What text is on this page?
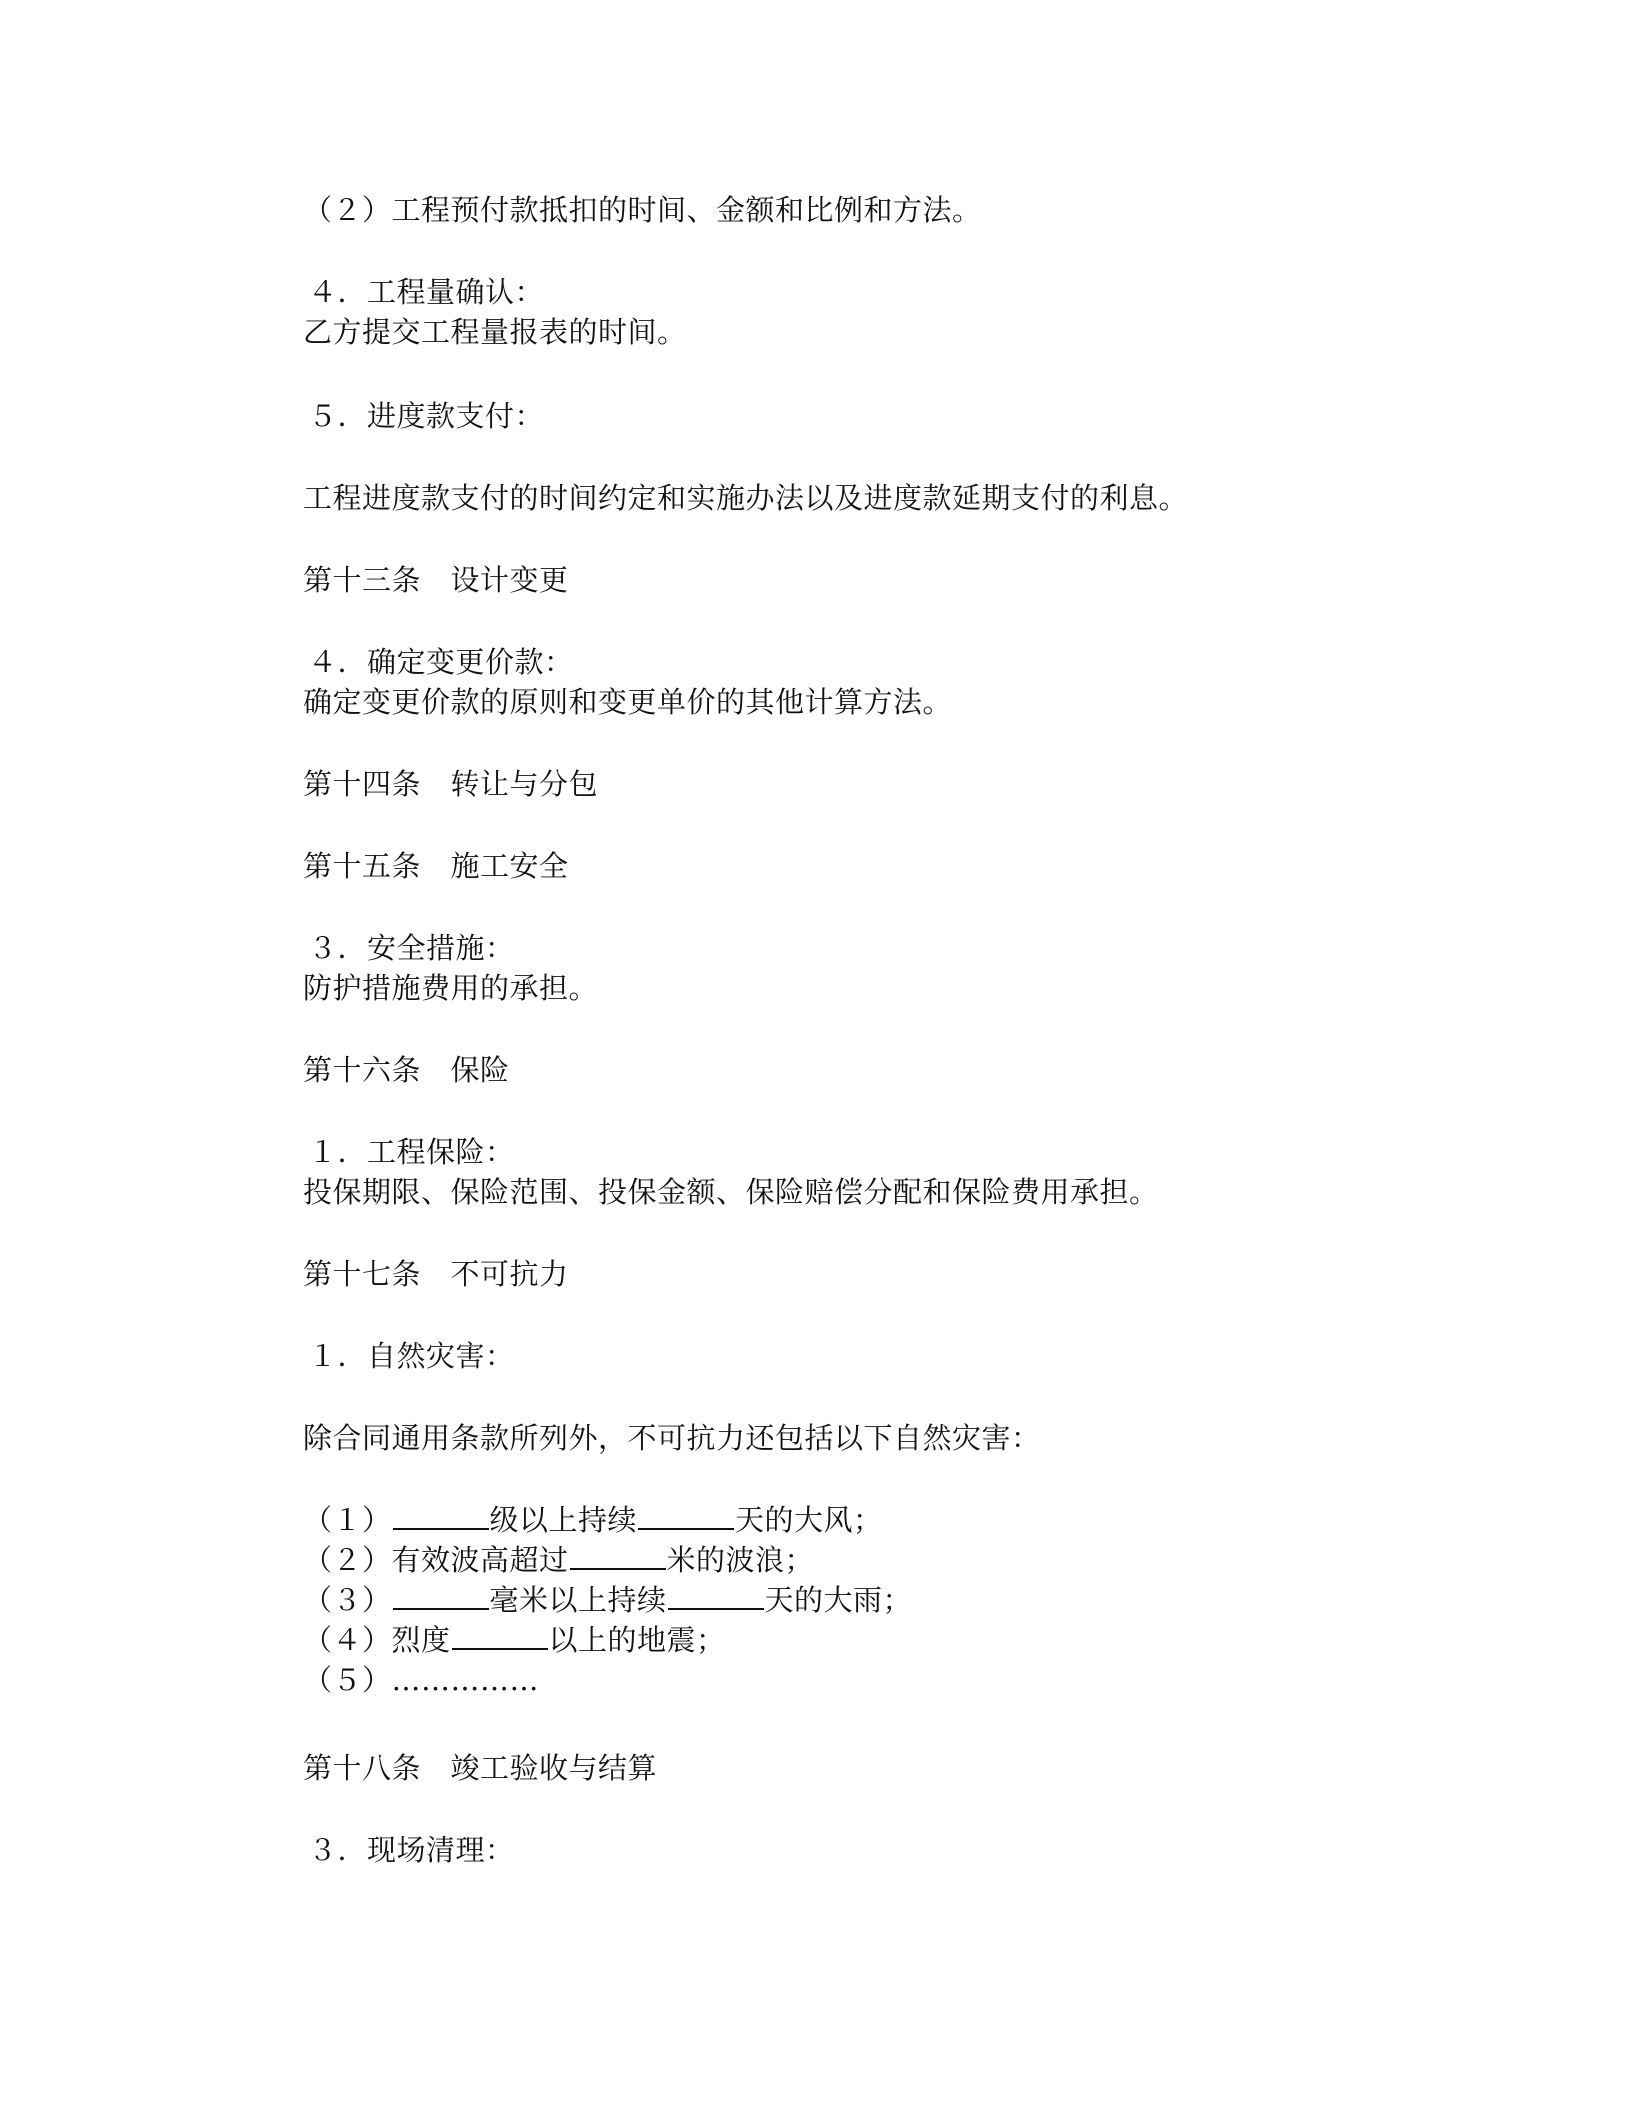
（２）工程预付款抵扣的时间、金额和比例和方法。
４．工程量确认：
乙方提交工程量报表的时间。
５．进度款支付：
工程进度款支付的时间约定和实施办法以及进度款延期支付的利息。
第十三条　设计变更
４．确定变更价款：
确定变更价款的原则和变更单价的其他计算方法。
第十四条　转让与分包
第十五条　施工安全
３．安全措施：
防护措施费用的承担。
第十六条　保险
１．工程保险：
投保期限、保险范围、投保金额、保险赔偿分配和保险费用承担。
第十七条　不可抗力
１．自然灾害：
除合同通用条款所列外，不可抗力还包括以下自然灾害：
（１）	级以上持续	天的大风；
（２）有效波高超过	米的波浪；
（３）	毫米以上持续	天的大雨；
（４）烈度	以上的地震；
（５）……………
第十八条　竣工验收与结算
３．现场清理：
